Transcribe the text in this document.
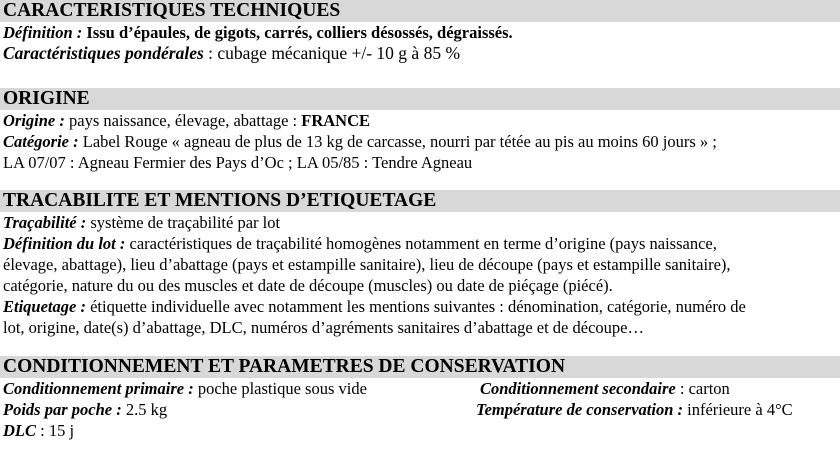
CARACTERISTIQUES TECHNIQUES
Définition : Issu d’épaules, de gigots, carrés, colliers désossés, dégraissés.
Caractéristiques pondérales : cubage mécanique +/- 10 g à 85 %
ORIGINE
Origine : pays naissance, élevage, abattage : FRANCE
Catégorie : Label Rouge « agneau de plus de 13 kg de carcasse, nourri par tétée au pis au moins 60 jours » ;
LA 07/07 : Agneau Fermier des Pays d’Oc ; LA 05/85 : Tendre Agneau
TRACABILITE ET MENTIONS D’ETIQUETAGE
Traçabilité : système de traçabilité par lot
Définition du lot : caractéristiques de traçabilité homogènes notamment en terme d’origine (pays naissance,
élevage, abattage), lieu d’abattage (pays et estampille sanitaire), lieu de découpe (pays et estampille sanitaire),
catégorie, nature du ou des muscles et date de découpe (muscles) ou date de piéçage (piécé).
Etiquetage : étiquette individuelle avec notamment les mentions suivantes : dénomination, catégorie, numéro de
lot, origine, date(s) d’abattage, DLC, numéros d’agréments sanitaires d’abattage et de découpe…
CONDITIONNEMENT ET PARAMETRES DE CONSERVATION
Conditionnement primaire : poche plastique sous vide	Conditionnement secondaire : carton
Poids par poche : 2.5 kg	Température de conservation : inférieure à 4°C
DLC : 15 j
